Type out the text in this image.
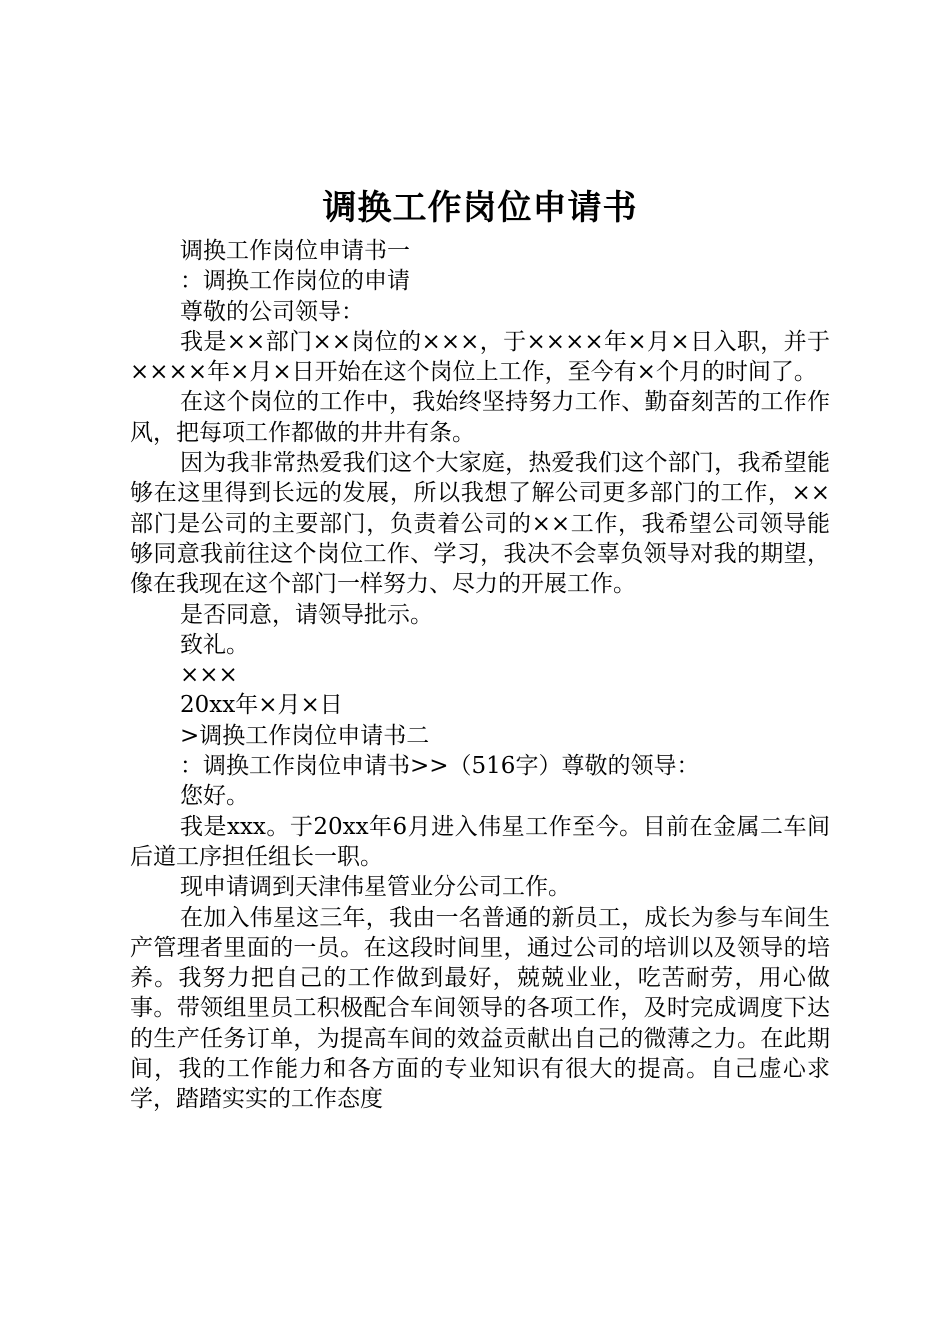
调换工作岗位申请书

调换工作岗位申请书一

：调换工作岗位的申请

尊敬的公司领导：

我是××部门××岗位的×××，于××××年×月×日入职，并于××××年×月×日开始在这个岗位上工作，至今有×个月的时间了。

在这个岗位的工作中，我始终坚持努力工作、勤奋刻苦的工作作风，把每项工作都做的井井有条。

因为我非常热爱我们这个大家庭，热爱我们这个部门，我希望能够在这里得到长远的发展，所以我想了解公司更多部门的工作，××部门是公司的主要部门，负责着公司的××工作，我希望公司领导能够同意我前往这个岗位工作、学习，我决不会辜负领导对我的期望，像在我现在这个部门一样努力、尽力的开展工作。

是否同意，请领导批示。

致礼。

×××

20xx年×月×日

>调换工作岗位申请书二

：调换工作岗位申请书>>（516字）尊敬的领导：

您好。

我是xxx。于20xx年6月进入伟星工作至今。目前在金属二车间后道工序担任组长一职。

现申请调到天津伟星管业分公司工作。

在加入伟星这三年，我由一名普通的新员工，成长为参与车间生产管理者里面的一员。在这段时间里，通过公司的培训以及领导的培养。我努力把自己的工作做到最好，兢兢业业，吃苦耐劳，用心做事。带领组里员工积极配合车间领导的各项工作，及时完成调度下达的生产任务订单，为提高车间的效益贡献出自己的微薄之力。在此期间，我的工作能力和各方面的专业知识有很大的提高。自己虚心求学，踏踏实实的工作态度
